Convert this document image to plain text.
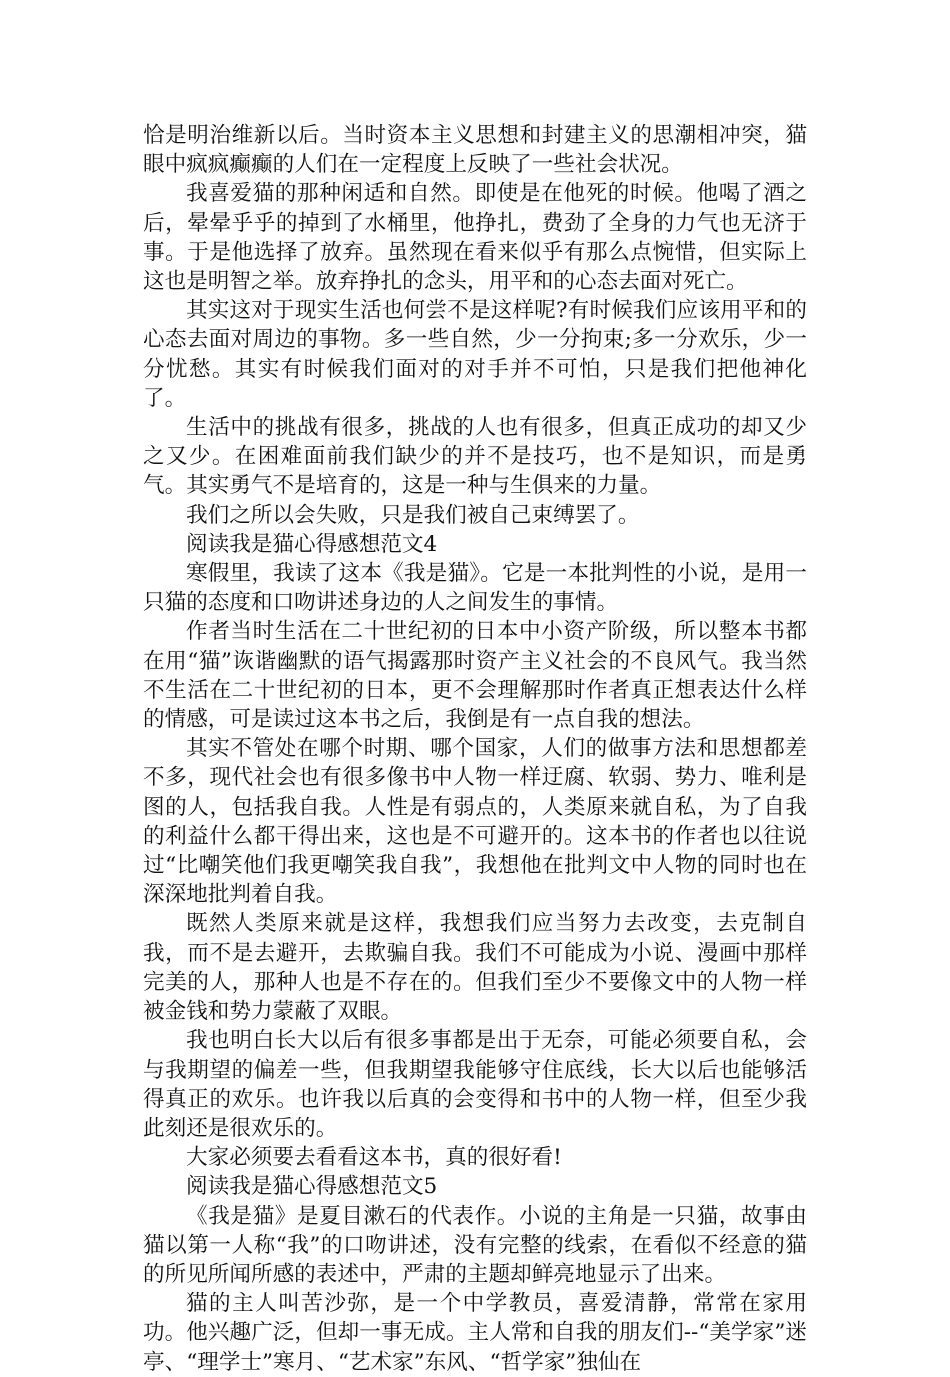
恰是明治维新以后。当时资本主义思想和封建主义的思潮相冲突，猫眼中疯疯癫癫的人们在一定程度上反映了一些社会状况。

我喜爱猫的那种闲适和自然。即使是在他死的时候。他喝了酒之后，晕晕乎乎的掉到了水桶里，他挣扎，费劲了全身的力气也无济于事。于是他选择了放弃。虽然现在看来似乎有那么点惋惜，但实际上这也是明智之举。放弃挣扎的念头，用平和的心态去面对死亡。

其实这对于现实生活也何尝不是这样呢?有时候我们应该用平和的心态去面对周边的事物。多一些自然，少一分拘束;多一分欢乐，少一分忧愁。其实有时候我们面对的对手并不可怕，只是我们把他神化了。

生活中的挑战有很多，挑战的人也有很多，但真正成功的却又少之又少。在困难面前我们缺少的并不是技巧，也不是知识，而是勇气。其实勇气不是培育的，这是一种与生俱来的力量。

我们之所以会失败，只是我们被自己束缚罢了。

阅读我是猫心得感想范文4

寒假里，我读了这本《我是猫》。它是一本批判性的小说，是用一只猫的态度和口吻讲述身边的人之间发生的事情。

作者当时生活在二十世纪初的日本中小资产阶级，所以整本书都在用“猫”诙谐幽默的语气揭露那时资产主义社会的不良风气。我当然不生活在二十世纪初的日本，更不会理解那时作者真正想表达什么样的情感，可是读过这本书之后，我倒是有一点自我的想法。

其实不管处在哪个时期、哪个国家，人们的做事方法和思想都差不多，现代社会也有很多像书中人物一样迂腐、软弱、势力、唯利是图的人，包括我自我。人性是有弱点的，人类原来就自私，为了自我的利益什么都干得出来，这也是不可避开的。这本书的作者也以往说过“比嘲笑他们我更嘲笑我自我”，我想他在批判文中人物的同时也在深深地批判着自我。

既然人类原来就是这样，我想我们应当努力去改变，去克制自我，而不是去避开，去欺骗自我。我们不可能成为小说、漫画中那样完美的人，那种人也是不存在的。但我们至少不要像文中的人物一样被金钱和势力蒙蔽了双眼。

我也明白长大以后有很多事都是出于无奈，可能必须要自私，会与我期望的偏差一些，但我期望我能够守住底线，长大以后也能够活得真正的欢乐。也许我以后真的会变得和书中的人物一样，但至少我此刻还是很欢乐的。

大家必须要去看看这本书，真的很好看!

阅读我是猫心得感想范文5

《我是猫》是夏目漱石的代表作。小说的主角是一只猫，故事由猫以第一人称“我”的口吻讲述，没有完整的线索，在看似不经意的猫的所见所闻所感的表述中，严肃的主题却鲜亮地显示了出来。

猫的主人叫苦沙弥，是一个中学教员，喜爱清静，常常在家用功。他兴趣广泛，但却一事无成。主人常和自我的朋友们--“美学家”迷亭、“理学士”寒月、“艺术家”东风、“哲学家”独仙在
